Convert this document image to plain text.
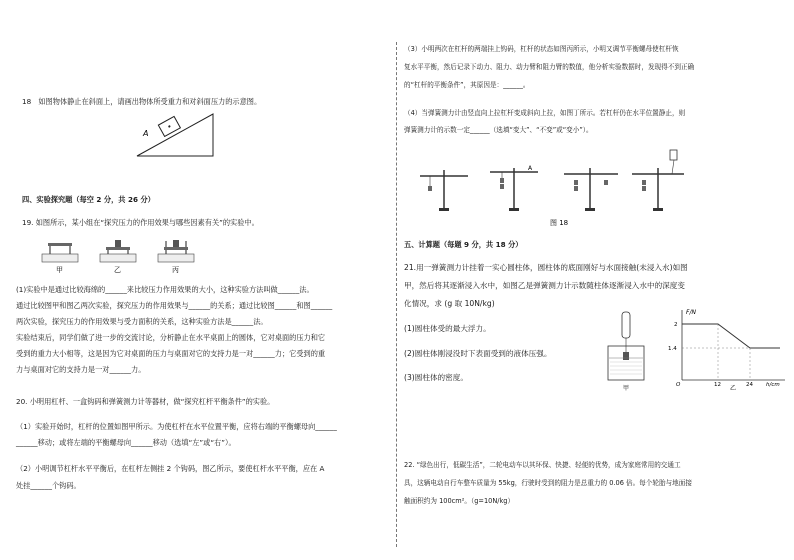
18　如图物体静止在斜面上，请画出物体所受重力和对斜面压力的示意图。
A
四、实验探究题（每空 2 分，共 26 分）
19. 如图所示，某小组在“探究压力的作用效果与哪些因素有关”的实验中。
甲	乙	丙
(1)实验中是通过比较海绵的______来比较压力作用效果的大小，这种实验方法叫做______法。
通过比较图甲和图乙两次实验，探究压力的作用效果与______的关系；通过比较图______和图______
两次实验，探究压力的作用效果与受力面积的关系，这种实验方法是______法。
实验结束后，同学们做了进一步的交流讨论，分析静止在水平桌面上的圆体，它对桌面的压力和它
受到的重力大小相等，这是因为它对桌面的压力与桌面对它的支持力是一对______力；它受到的重
力与桌面对它的支持力是一对______力。
20. 小明用杠杆、一盒钩码和弹簧测力计等器材，做“探究杠杆平衡条件”的实验。
（1）实验开始时，杠杆的位置如图甲所示。为使杠杆在水平位置平衡，应将右端的平衡螺母向______
______移动；或将左端的平衡螺母向______移动（选填“左”或“右”）。
（2）小明调节杠杆水平平衡后，在杠杆左侧挂 2 个钩码，图乙所示，要使杠杆水平平衡，应在 A
处挂______个钩码。
（3）小明两次在杠杆的两端挂上钩码，杠杆的状态如图丙所示，小明又调节平衡螺母使杠杆恢
复水平平衡，然后记录下动力、阻力、动力臂和阻力臂的数值，他分析实验数据时，发现得不到正确
的“杠杆的平衡条件”，其原因是：______。
（4）当弹簧测力计由竖直向上拉杠杆变成斜向上拉，如图丁所示。若杠杆仍在水平位置静止，则
弹簧测力计的示数一定______（选填“变大”、“不变”或“变小”）。
A
图 18
五、计算题（每题 9 分，共 18 分）
21.用一弹簧测力计挂着一实心圆柱体，圆柱体的底面刚好与水面接触(未浸入水)如图
甲，然后将其逐渐浸入水中，如图乙是弹簧测力计示数随柱体逐渐浸入水中的深度变
化情况，求 (g 取 10N/kg)
(1)圆柱体受的最大浮力。
(2)圆柱体刚浸没时下表面受到的液体压强。
(3)圆柱体的密度。
F/N
2
1.4
O	12	24 h/cm
甲	乙
22. “绿色出行，低碳生活”，二轮电动车以其环保、快捷、轻便的优势，成为家庭常用的交通工
具，这辆电动自行车整车质量为 55kg，行驶时受到的阻力是总重力的 0.06 倍。每个轮胎与地面接
触面积约为 100cm²。（g=10N/kg）
